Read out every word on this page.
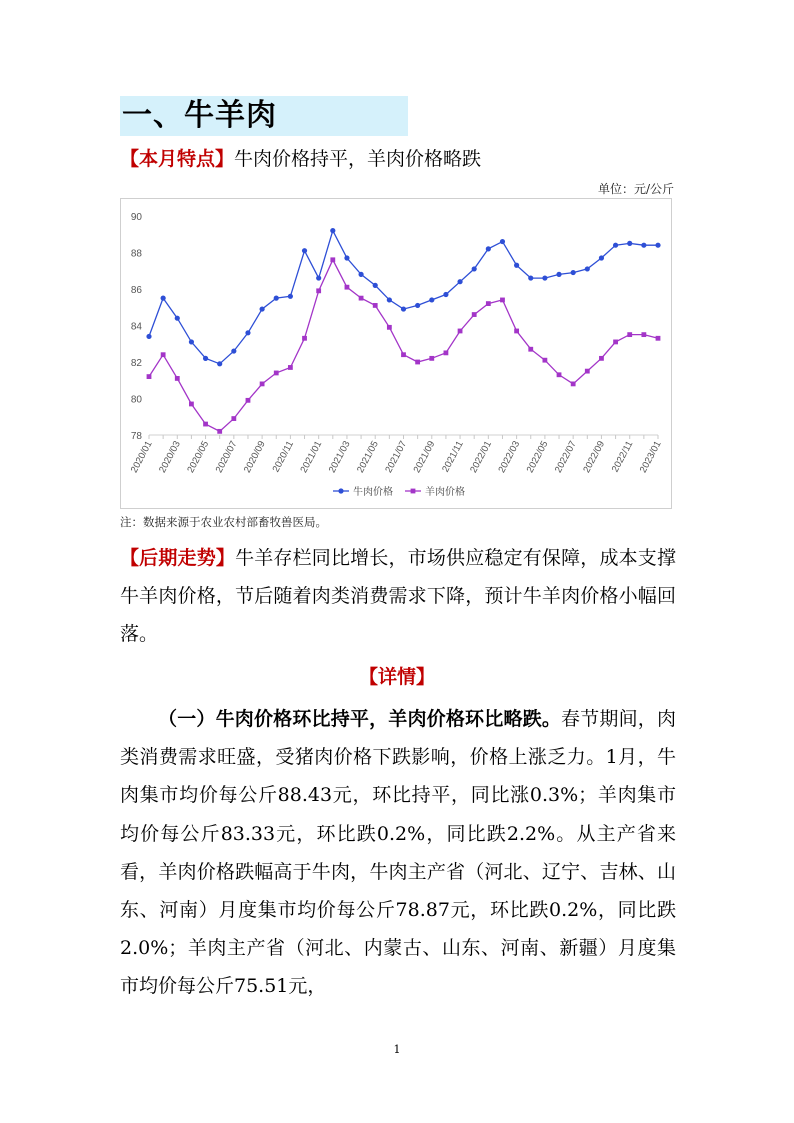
一、牛羊肉
【本月特点】牛肉价格持平，羊肉价格略跌
单位：元/公斤
78
80
82
84
86
88
90
2020/01 2020/03 2020/05 2020/07 2020/09 2020/11 2021/01 2021/03 2021/05 2021/07 2021/09 2021/11 2022/01 2022/03 2022/05 2022/07 2022/09 2022/11 2023/01
牛肉价格	羊肉价格
注：数据来源于农业农村部畜牧兽医局。
【后期走势】牛羊存栏同比增长，市场供应稳定有保障，成本支撑牛羊肉价格，节后随着肉类消费需求下降，预计牛羊肉价格小幅回落。
【详情】
（一）牛肉价格环比持平，羊肉价格环比略跌。春节期间，肉类消费需求旺盛，受猪肉价格下跌影响，价格上涨乏力。1月，牛肉集市均价每公斤88.43元，环比持平，同比涨0.3%；羊肉集市均价每公斤83.33元，环比跌0.2%，同比跌2.2%。从主产省来看，羊肉价格跌幅高于牛肉，牛肉主产省（河北、辽宁、吉林、山东、河南）月度集市均价每公斤78.87元，环比跌0.2%，同比跌2.0%；羊肉主产省（河北、内蒙古、山东、河南、新疆）月度集市均价每公斤75.51元，
1
